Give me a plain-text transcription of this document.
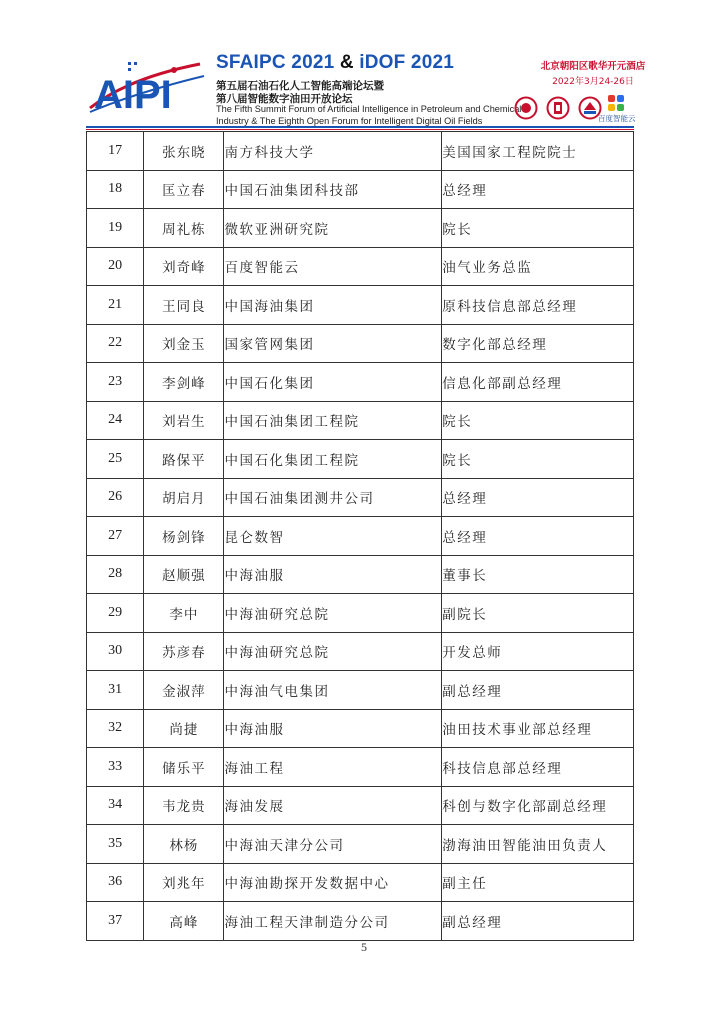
AIPI
SFAIPC 2021 & iDOF 2021
第五届石油石化人工智能高端论坛暨
第八届智能数字油田开放论坛
The Fifth Summit Forum of Artificial Intelligence in Petroleum and Chemical
Industry & The Eighth Open Forum for Intelligent Digital Oil Fields
北京朝阳区歌华开元酒店
2022年3月24-26日
百度智能云
17	张东晓	南方科技大学	美国国家工程院院士
18	匡立春	中国石油集团科技部	总经理
19	周礼栋	微软亚洲研究院	院长
20	刘奇峰	百度智能云	油气业务总监
21	王同良	中国海油集团	原科技信息部总经理
22	刘金玉	国家管网集团	数字化部总经理
23	李剑峰	中国石化集团	信息化部副总经理
24	刘岩生	中国石油集团工程院	院长
25	路保平	中国石化集团工程院	院长
26	胡启月	中国石油集团测井公司	总经理
27	杨剑锋	昆仑数智	总经理
28	赵顺强	中海油服	董事长
29	李中	中海油研究总院	副院长
30	苏彦春	中海油研究总院	开发总师
31	金淑萍	中海油气电集团	副总经理
32	尚捷	中海油服	油田技术事业部总经理
33	储乐平	海油工程	科技信息部总经理
34	韦龙贵	海油发展	科创与数字化部副总经理
35	林杨	中海油天津分公司	渤海油田智能油田负责人
36	刘兆年	中海油勘探开发数据中心	副主任
37	高峰	海油工程天津制造分公司	副总经理
5
